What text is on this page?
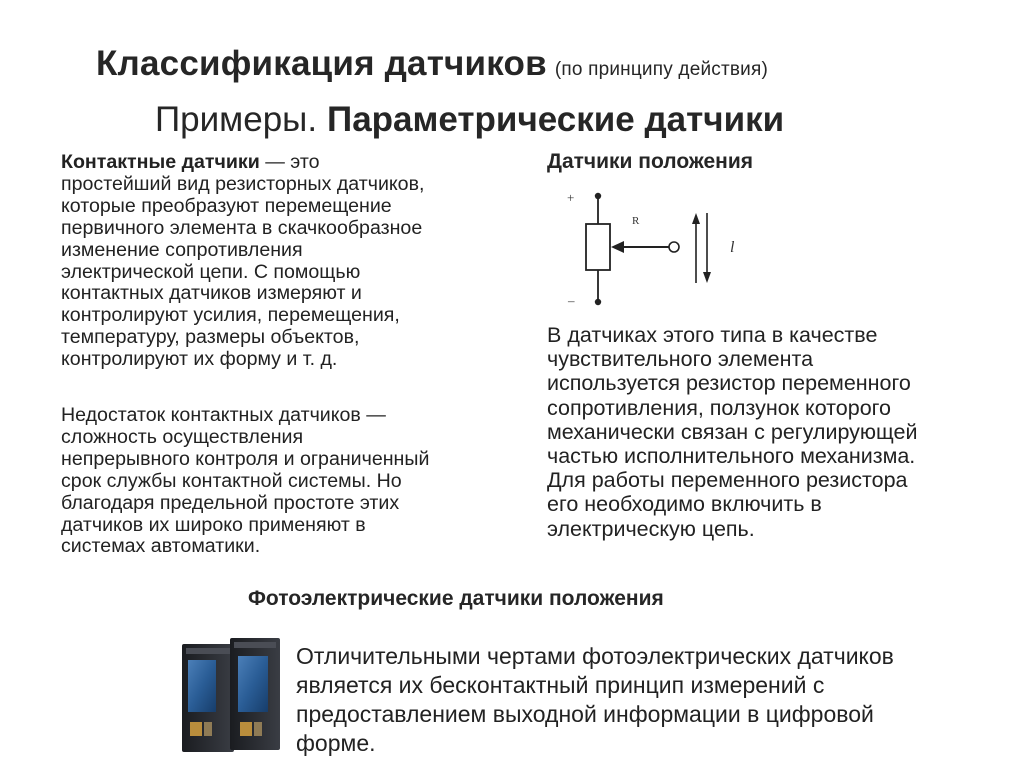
Классификация датчиков (по принципу действия)
Примеры. Параметрические датчики
Контактные датчики — это
простейший вид резисторных датчиков,
которые преобразуют перемещение
первичного элемента в скачкообразное
изменение сопротивления
электрической цепи. С помощью
контактных датчиков измеряют и
контролируют усилия, перемещения,
температуру, размеры объектов,
контролируют их форму и т. д.
Недостаток контактных датчиков —
сложность осуществления
непрерывного контроля и ограниченный
срок службы контактной системы. Но
благодаря предельной простоте этих
датчиков их широко применяют в
системах автоматики.
Датчики положения
+
–
R
l
В датчиках этого типа в качестве
чувствительного элемента
используется резистор переменного
сопротивления, ползунок которого
механически связан с регулирующей
частью исполнительного механизма.
Для работы переменного резистора
его необходимо включить в
электрическую цепь.
Фотоэлектрические датчики положения
Отличительными чертами фотоэлектрических датчиков
является их бесконтактный принцип измерений с
предоставлением выходной информации в цифровой
форме.
